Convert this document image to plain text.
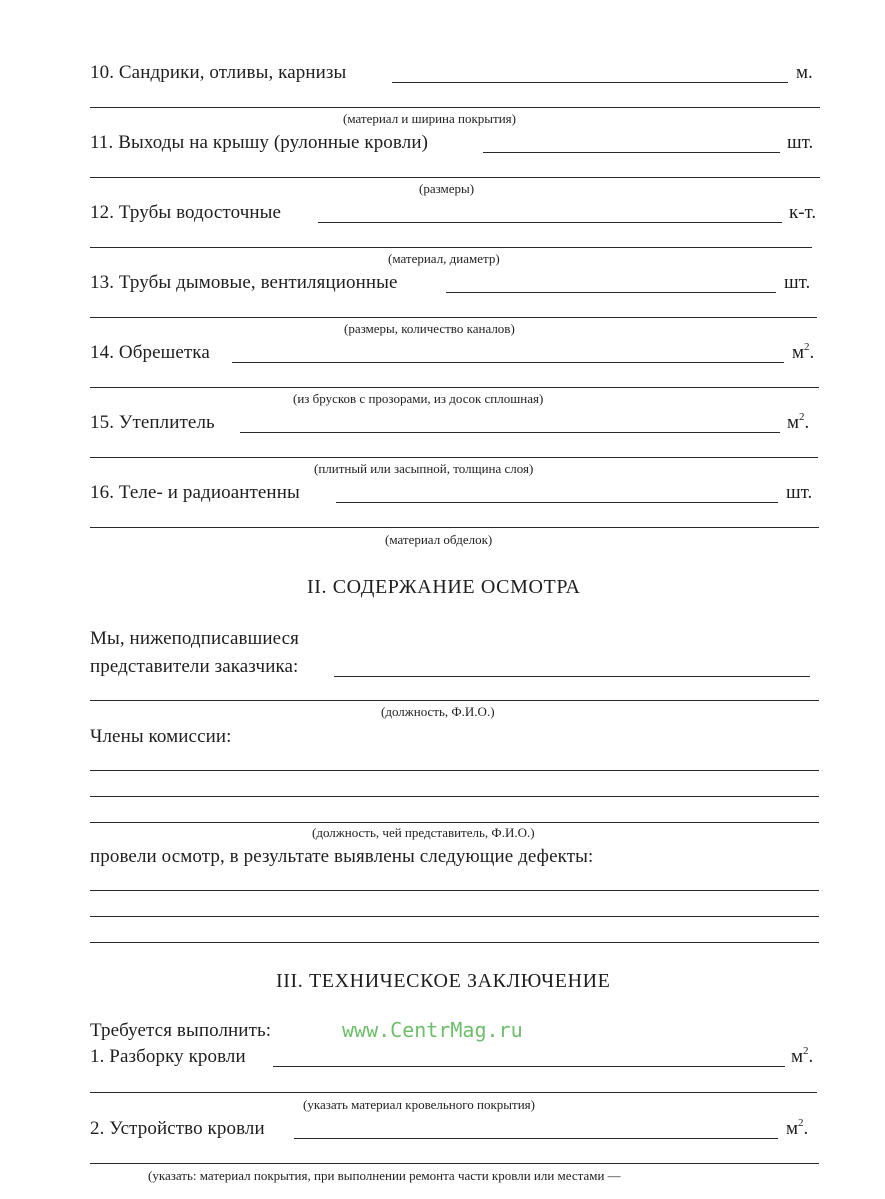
10. Сандрики, отливы, карнизы	м.
(материал и ширина покрытия)
11. Выходы на крышу (рулонные кровли)	шт.
(размеры)
12. Трубы водосточные	к-т.
(материал, диаметр)
13. Трубы дымовые, вентиляционные	шт.
(размеры, количество каналов)
14. Обрешетка	$м^2$.
(из брусков с прозорами, из досок сплошная)
15. Утеплитель	$м^2$.
(плитный или засыпной, толщина слоя)
16. Теле- и радиоантенны	шт.
(материал обделок)
II. СОДЕРЖАНИЕ ОСМОТРА
Мы, нижеподписавшиеся
представители заказчика:
(должность, Ф.И.О.)
Члены комиссии:
(должность, чей представитель, Ф.И.О.)
провели осмотр, в результате выявлены следующие дефекты:
III. ТЕХНИЧЕСКОЕ ЗАКЛЮЧЕНИЕ
Требуется выполнить:	www.CentrMag.ru
1. Разборку кровли	$м^2$.
(указать материал кровельного покрытия)
2. Устройство кровли	$м^2$.
(указать: материал покрытия, при выполнении ремонта части кровли или местами —
